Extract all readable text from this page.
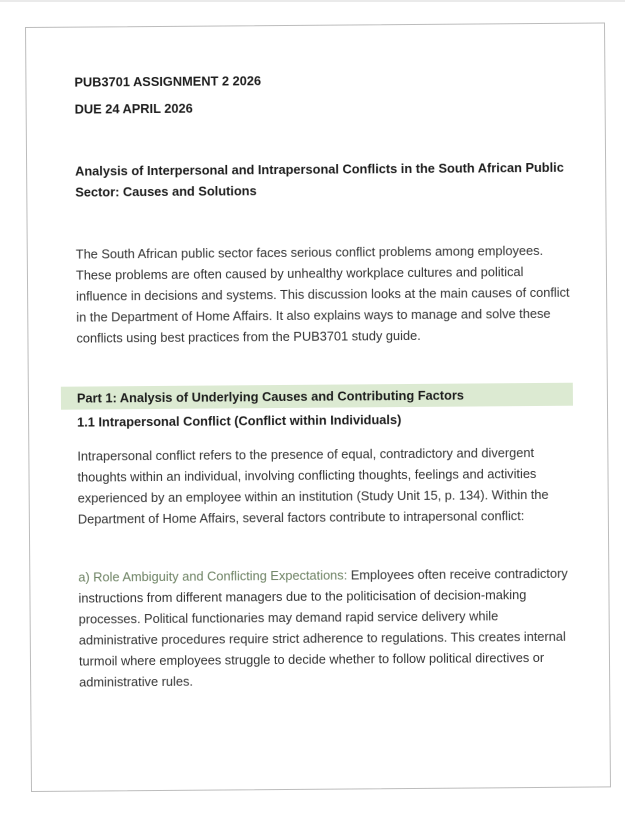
PUB3701 ASSIGNMENT 2 2026
DUE 24 APRIL 2026
Analysis of Interpersonal and Intrapersonal Conflicts in the South African Public
Sector: Causes and Solutions
The South African public sector faces serious conflict problems among employees.
These problems are often caused by unhealthy workplace cultures and political
influence in decisions and systems. This discussion looks at the main causes of conflict
in the Department of Home Affairs. It also explains ways to manage and solve these
conflicts using best practices from the PUB3701 study guide.
Part 1: Analysis of Underlying Causes and Contributing Factors
1.1 Intrapersonal Conflict (Conflict within Individuals)
Intrapersonal conflict refers to the presence of equal, contradictory and divergent
thoughts within an individual, involving conflicting thoughts, feelings and activities
experienced by an employee within an institution (Study Unit 15, p. 134). Within the
Department of Home Affairs, several factors contribute to intrapersonal conflict:
a) Role Ambiguity and Conflicting Expectations: Employees often receive contradictory
instructions from different managers due to the politicisation of decision-making
processes. Political functionaries may demand rapid service delivery while
administrative procedures require strict adherence to regulations. This creates internal
turmoil where employees struggle to decide whether to follow political directives or
administrative rules.
